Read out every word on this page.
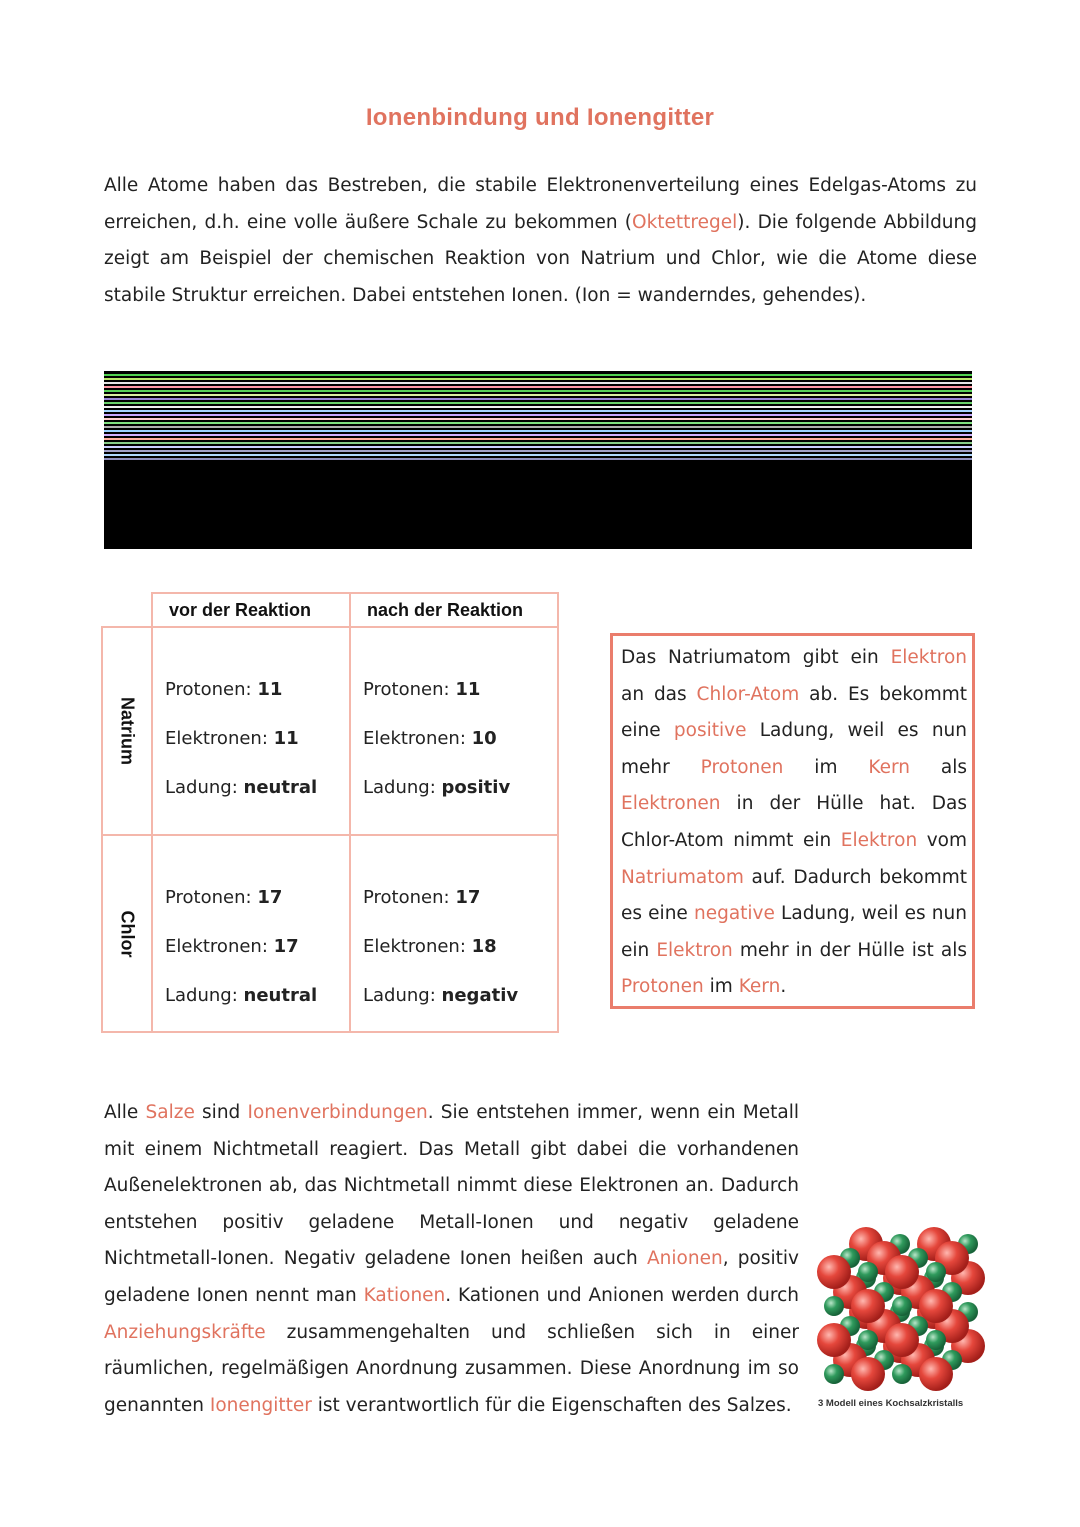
Ionenbindung und Ionengitter

Alle Atome haben das Bestreben, die stabile Elektronenverteilung eines Edelgas-Atoms zu erreichen, d.h. eine volle äußere Schale zu bekommen (Oktettregel). Die folgende Abbildung zeigt am Beispiel der chemischen Reaktion von Natrium und Chlor, wie die Atome diese stabile Struktur erreichen. Dabei entstehen Ionen. (Ion = wanderndes, gehendes).

	vor der Reaktion	nach der Reaktion

Natrium	Protonen: 11
Elektronen: 11
Ladung: neutral	Protonen: 11
Elektronen: 10
Ladung: positiv

Chlor	Protonen: 17
Elektronen: 17
Ladung: neutral	Protonen: 17
Elektronen: 18
Ladung: negativ

Das Natriumatom gibt ein Elektron an das Chlor-Atom ab. Es bekommt eine positive Ladung, weil es nun mehr Protonen im Kern als Elektronen in der Hülle hat. Das Chlor-Atom nimmt ein Elektron vom Natriumatom auf. Dadurch bekommt es eine negative Ladung, weil es nun ein Elektron mehr in der Hülle ist als Protonen im Kern.

Alle Salze sind Ionenverbindungen. Sie entstehen immer, wenn ein Metall mit einem Nichtmetall reagiert. Das Metall gibt dabei die vorhandenen Außenelektronen ab, das Nichtmetall nimmt diese Elektronen an. Dadurch entstehen positiv geladene Metall-Ionen und negativ geladene Nichtmetall-Ionen. Negativ geladene Ionen heißen auch Anionen, positiv geladene Ionen nennt man Kationen. Kationen und Anionen werden durch Anziehungskräfte zusammengehalten und schließen sich in einer räumlichen, regelmäßigen Anordnung zusammen. Diese Anordnung im so genannten Ionengitter ist verantwortlich für die Eigenschaften des Salzes.	3 Modell eines Kochsalzkristalls
